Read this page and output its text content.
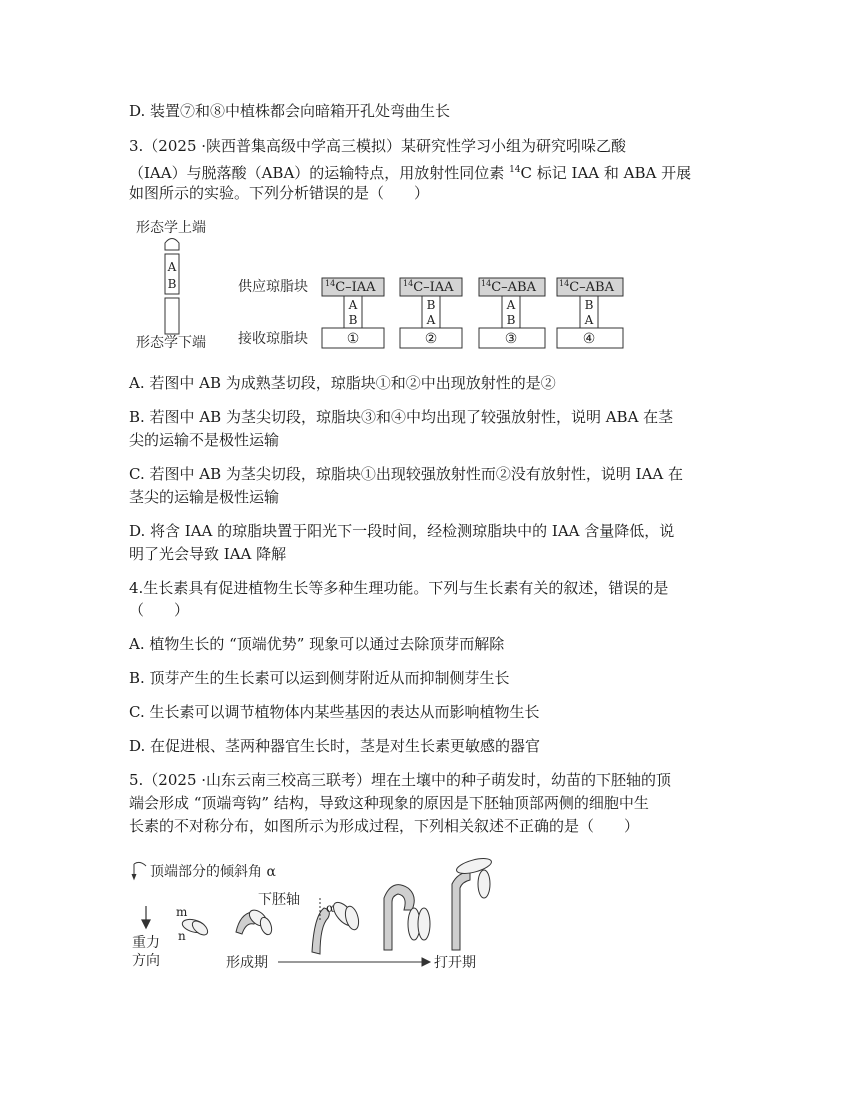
D. 装置⑦和⑧中植株都会向暗箱开孔处弯曲生长
3.（2025 ·陕西普集高级中学高三模拟）某研究性学习小组为研究吲哚乙酸
（IAA）与脱落酸（ABA）的运输特点，用放射性同位素 $^{14}$C 标记 IAA 和 ABA 开展
如图所示的实验。下列分析错误的是（　　）
形态学上端
形态学下端
A
B	供应琼脂块
接收琼脂块
$^{14}$C–IAA
A
B
①
$^{14}$C–IAA
B
A
②
$^{14}$C–ABA
A
B
③
$^{14}$C–ABA
B
A
④
A. 若图中 AB 为成熟茎切段，琼脂块①和②中出现放射性的是②
B. 若图中 AB 为茎尖切段，琼脂块③和④中均出现了较强放射性，说明 ABA 在茎
尖的运输不是极性运输
C. 若图中 AB 为茎尖切段，琼脂块①出现较强放射性而②没有放射性，说明 IAA 在
茎尖的运输是极性运输
D. 将含 IAA 的琼脂块置于阳光下一段时间，经检测琼脂块中的 IAA 含量降低，说
明了光会导致 IAA 降解
4.生长素具有促进植物生长等多种生理功能。下列与生长素有关的叙述，错误的是
（　　）
A. 植物生长的 “顶端优势” 现象可以通过去除顶芽而解除
B. 顶芽产生的生长素可以运到侧芽附近从而抑制侧芽生长
C. 生长素可以调节植物体内某些基因的表达从而影响植物生长
D. 在促进根、茎两种器官生长时，茎是对生长素更敏感的器官
5.（2025 ·山东云南三校高三联考）埋在土壤中的种子萌发时，幼苗的下胚轴的顶
端会形成 “顶端弯钩” 结构，导致这种现象的原因是下胚轴顶部两侧的细胞中生
长素的不对称分布，如图所示为形成过程，下列相关叙述不正确的是（　　）
顶端部分的倾斜角 α
重力
方向
m
n
下胚轴 α
形成期	打开期
